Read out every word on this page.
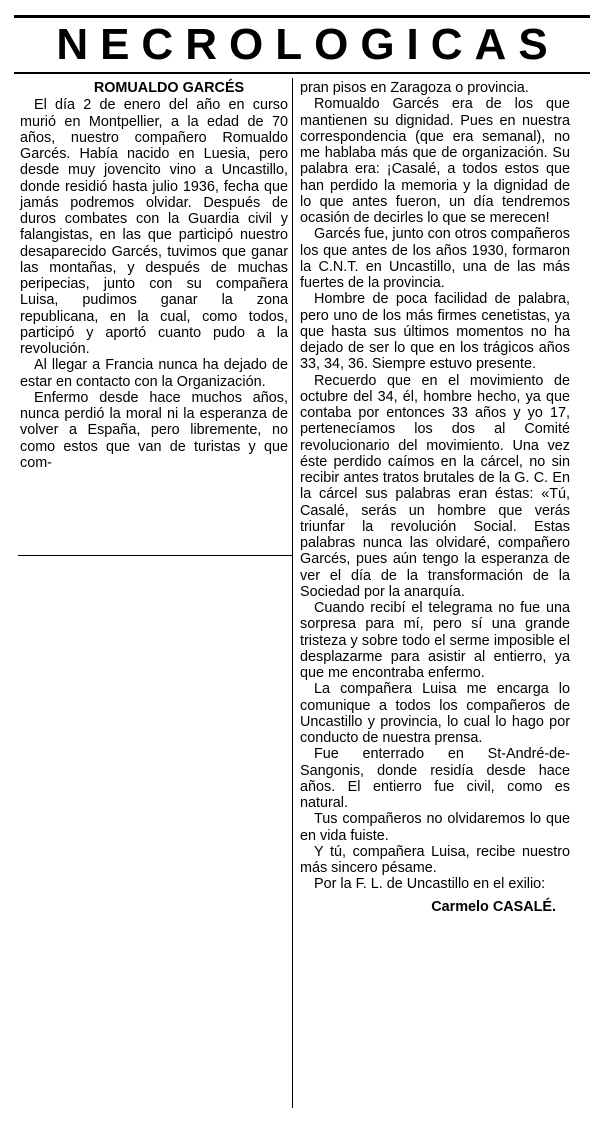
NECROLOGICAS

ROMUALDO GARCÉS

El día 2 de enero del año en curso murió en Montpellier, a la edad de 70 años, nuestro compañero Romualdo Garcés. Había nacido en Luesia, pero desde muy jovencito vino a Uncastillo, donde residió hasta julio 1936, fecha que jamás podremos olvidar. Después de duros combates con la Guardia civil y falangistas, en las que participó nuestro desaparecido Garcés, tuvimos que ganar las montañas, y después de muchas peripecias, junto con su compañera Luisa, pudimos ganar la zona republicana, en la cual, como todos, participó y aportó cuanto pudo a la revolución.

Al llegar a Francia nunca ha dejado de estar en contacto con la Organización.

Enfermo desde hace muchos años, nunca perdió la moral ni la esperanza de volver a España, pero libremente, no como estos que van de turistas y que com-

pran pisos en Zaragoza o provincia.

Romualdo Garcés era de los que mantienen su dignidad. Pues en nuestra correspondencia (que era semanal), no me hablaba más que de organización. Su palabra era: ¡Casalé, a todos estos que han perdido la memoria y la dignidad de lo que antes fueron, un día tendremos ocasión de decirles lo que se merecen!

Garcés fue, junto con otros compañeros los que antes de los años 1930, formaron la C.N.T. en Uncastillo, una de las más fuertes de la provincia.

Hombre de poca facilidad de palabra, pero uno de los más firmes cenetistas, ya que hasta sus últimos momentos no ha dejado de ser lo que en los trágicos años 33, 34, 36. Siempre estuvo presente.

Recuerdo que en el movimiento de octubre del 34, él, hombre hecho, ya que contaba por entonces 33 años y yo 17, pertenecíamos los dos al Comité revolucionario del movimiento. Una vez éste perdido caímos en la cárcel, no sin recibir antes tratos brutales de la G. C. En la cárcel sus palabras eran éstas: «Tú, Casalé, serás un hombre que verás triunfar la revolución Social. Estas palabras nunca las olvidaré, compañero Garcés, pues aún tengo la esperanza de ver el día de la transformación de la Sociedad por la anarquía.

Cuando recibí el telegrama no fue una sorpresa para mí, pero sí una grande tristeza y sobre todo el serme imposible el desplazarme para asistir al entierro, ya que me encontraba enfermo.

La compañera Luisa me encarga lo comunique a todos los compañeros de Uncastillo y provincia, lo cual lo hago por conducto de nuestra prensa.

Fue enterrado en St-André-de-Sangonis, donde residía desde hace años. El entierro fue civil, como es natural.

Tus compañeros no olvidaremos lo que en vida fuiste.

Y tú, compañera Luisa, recibe nuestro más sincero pésame.

Por la F. L. de Uncastillo en el exilio:

Carmelo CASALÉ.
